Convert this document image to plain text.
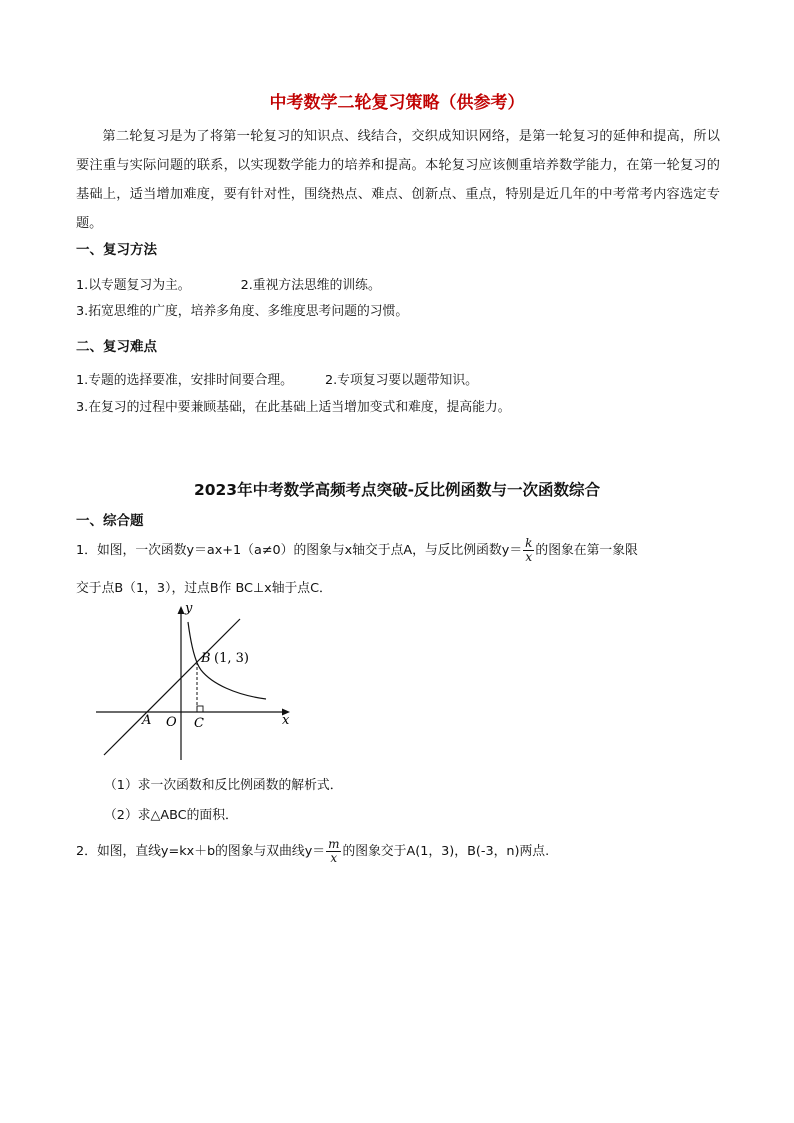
中考数学二轮复习策略（供参考）

第二轮复习是为了将第一轮复习的知识点、线结合，交织成知识网络，是第一轮复习的延伸和提高，所以要注重与实际问题的联系，以实现数学能力的培养和提高。本轮复习应该侧重培养数学能力，在第一轮复习的基础上，适当增加难度，要有针对性，围绕热点、难点、创新点、重点，特别是近几年的中考常考内容选定专题。

一、复习方法
1.以专题复习为主。	2.重视方法思维的训练。
3.拓宽思维的广度，培养多角度、多维度思考问题的习惯。
二、复习难点
1.专题的选择要准，安排时间要合理。	2.专项复习要以题带知识。
3.在复习的过程中要兼顾基础，在此基础上适当增加变式和难度，提高能力。
2023年中考数学高频考点突破-反比例函数与一次函数综合
一、综合题
1．如图，一次函数y＝ax+1（a≠0）的图象与x轴交于点A，与反比例函数$y= \frac{k}{x}$ 的图象在第一象限
交于点B（1，3），过点B作 BC⊥x轴于点C．
x
y
O
A	C
B (1, 3)
（1）求一次函数和反比例函数的解析式．
（2）求△ABC的面积．
2．如图，直线y=kx＋b的图象与双曲线$y= \frac{m}{x}$ 的图象交于A(1，3)，B(-3，n)两点.
